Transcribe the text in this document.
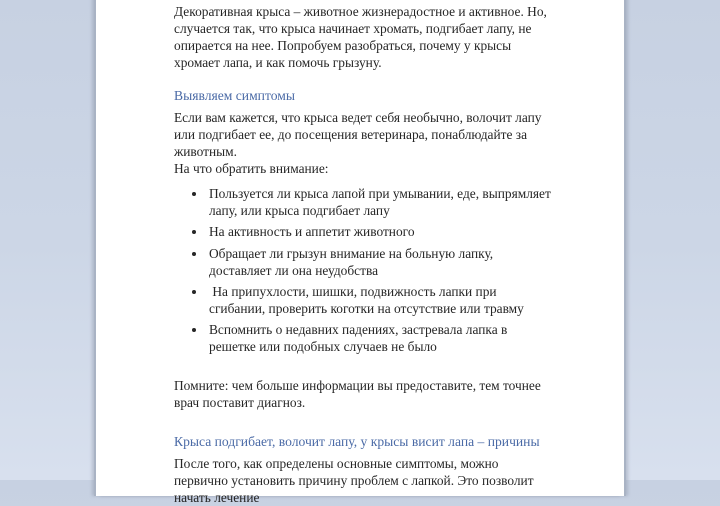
Декоративная крыса – животное жизнерадостное и активное. Но, случается так, что крыса начинает хромать, подгибает лапу, не опирается на нее. Попробуем разобраться, почему у крысы хромает лапа, и как помочь грызуну.

Выявляем симптомы

Если вам кажется, что крыса ведет себя необычно, волочит лапу или подгибает ее, до посещения ветеринара, понаблюдайте за животным.

На что обратить внимание:

Пользуется ли крыса лапой при умывании, еде, выпрямляет лапу, или крыса подгибает лапу
На активность и аппетит животного
Обращает ли грызун внимание на больную лапку, доставляет ли она неудобства
На припухлости, шишки, подвижность лапки при сгибании, проверить коготки на отсутствие или травму
Вспомнить о недавних падениях, застревала лапка в решетке или подобных случаев не было

Помните: чем больше информации вы предоставите, тем точнее врач поставит диагноз.

Крыса подгибает, волочит лапу, у крысы висит лапа – причины

После того, как определены основные симптомы, можно первично установить причину проблем с лапкой. Это позволит начать лечение
